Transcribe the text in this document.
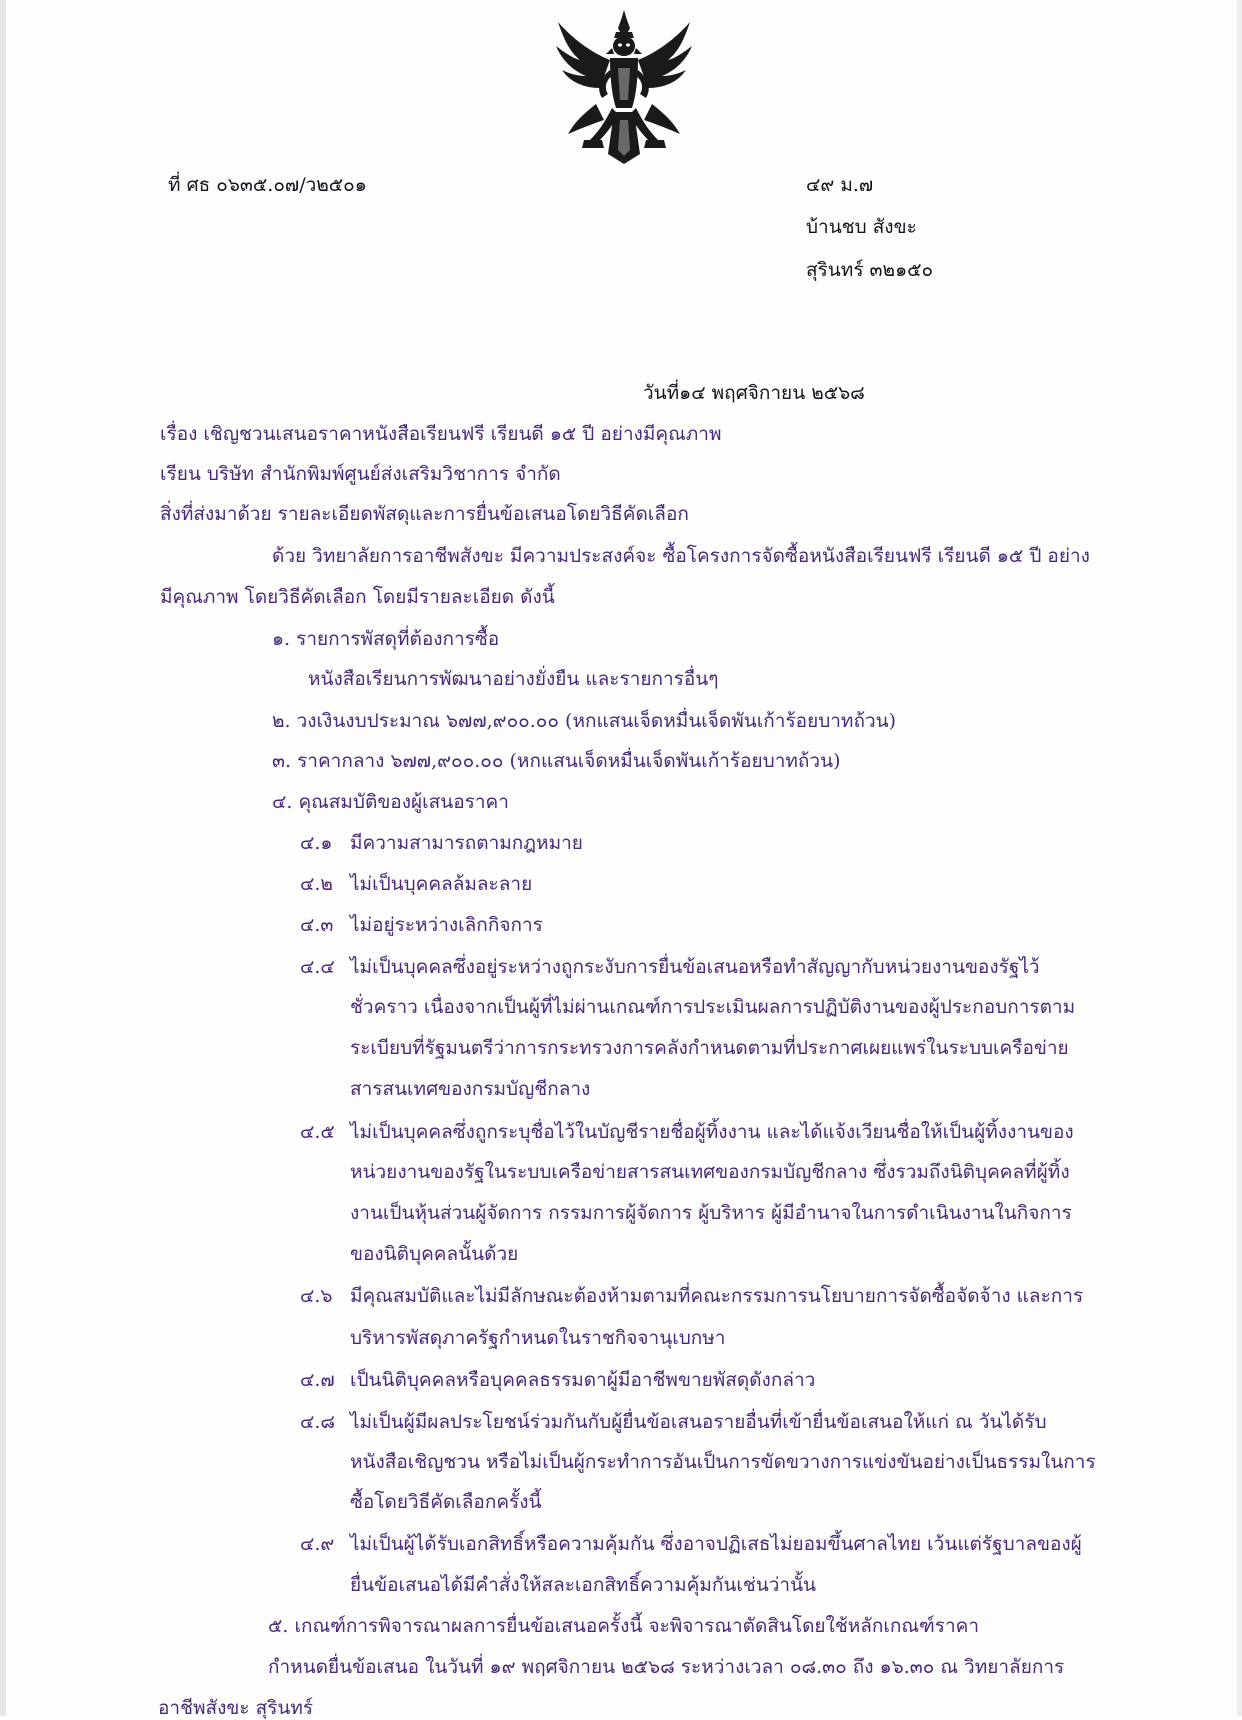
ที่ ศธ ๐๖๓๕.๐๗/ว๒๕๐๑	๔๙ ม.๗
บ้านชบ สังขะ
สุรินทร์ ๓๒๑๕๐
วันที่๑๔ พฤศจิกายน ๒๕๖๘
เรื่อง เชิญชวนเสนอราคาหนังสือเรียนฟรี เรียนดี ๑๕ ปี อย่างมีคุณภาพ
เรียน บริษัท สำนักพิมพ์ศูนย์ส่งเสริมวิชาการ จำกัด
สิ่งที่ส่งมาด้วย รายละเอียดพัสดุและการยื่นข้อเสนอโดยวิธีคัดเลือก
ด้วย วิทยาลัยการอาชีพสังขะ มีความประสงค์จะ ซื้อโครงการจัดซื้อหนังสือเรียนฟรี เรียนดี ๑๕ ปี อย่าง
มีคุณภาพ โดยวิธีคัดเลือก โดยมีรายละเอียด ดังนี้
๑. รายการพัสดุที่ต้องการซื้อ
หนังสือเรียนการพัฒนาอย่างยั่งยืน และรายการอื่นๆ
๒. วงเงินงบประมาณ ๖๗๗,๙๐๐.๐๐ (หกแสนเจ็ดหมื่นเจ็ดพันเก้าร้อยบาทถ้วน)
๓. ราคากลาง ๖๗๗,๙๐๐.๐๐ (หกแสนเจ็ดหมื่นเจ็ดพันเก้าร้อยบาทถ้วน)
๔. คุณสมบัติของผู้เสนอราคา
๔.๑ มีความสามารถตามกฎหมาย
๔.๒ ไม่เป็นบุคคลล้มละลาย
๔.๓ ไม่อยู่ระหว่างเลิกกิจการ
๔.๔ ไม่เป็นบุคคลซึ่งอยู่ระหว่างถูกระงับการยื่นข้อเสนอหรือทำสัญญากับหน่วยงานของรัฐไว้
ชั่วคราว เนื่องจากเป็นผู้ที่ไม่ผ่านเกณฑ์การประเมินผลการปฏิบัติงานของผู้ประกอบการตาม
ระเบียบที่รัฐมนตรีว่าการกระทรวงการคลังกำหนดตามที่ประกาศเผยแพร่ในระบบเครือข่าย
สารสนเทศของกรมบัญชีกลาง
๔.๕ ไม่เป็นบุคคลซึ่งถูกระบุชื่อไว้ในบัญชีรายชื่อผู้ทิ้งงาน และได้แจ้งเวียนชื่อให้เป็นผู้ทิ้งงานของ
หน่วยงานของรัฐในระบบเครือข่ายสารสนเทศของกรมบัญชีกลาง ซึ่งรวมถึงนิติบุคคลที่ผู้ทิ้ง
งานเป็นหุ้นส่วนผู้จัดการ กรรมการผู้จัดการ ผู้บริหาร ผู้มีอำนาจในการดำเนินงานในกิจการ
ของนิติบุคคลนั้นด้วย
๔.๖ มีคุณสมบัติและไม่มีลักษณะต้องห้ามตามที่คณะกรรมการนโยบายการจัดซื้อจัดจ้าง และการ
บริหารพัสดุภาครัฐกำหนดในราชกิจจานุเบกษา
๔.๗ เป็นนิติบุคคลหรือบุคคลธรรมดาผู้มีอาชีพขายพัสดุดังกล่าว
๔.๘ ไม่เป็นผู้มีผลประโยชน์ร่วมกันกับผู้ยื่นข้อเสนอรายอื่นที่เข้ายื่นข้อเสนอให้แก่ ณ วันได้รับ
หนังสือเชิญชวน หรือไม่เป็นผู้กระทำการอันเป็นการขัดขวางการแข่งขันอย่างเป็นธรรมในการ
ซื้อโดยวิธีคัดเลือกครั้งนี้
๔.๙ ไม่เป็นผู้ได้รับเอกสิทธิ์หรือความคุ้มกัน ซึ่งอาจปฏิเสธไม่ยอมขึ้นศาลไทย เว้นแต่รัฐบาลของผู้
ยื่นข้อเสนอได้มีคำสั่งให้สละเอกสิทธิ์ความคุ้มกันเช่นว่านั้น
๕. เกณฑ์การพิจารณาผลการยื่นข้อเสนอครั้งนี้ จะพิจารณาตัดสินโดยใช้หลักเกณฑ์ราคา
กำหนดยื่นข้อเสนอ ในวันที่ ๑๙ พฤศจิกายน ๒๕๖๘ ระหว่างเวลา ๐๘.๓๐ ถึง ๑๖.๓๐ ณ วิทยาลัยการ
อาชีพสังขะ สุรินทร์
